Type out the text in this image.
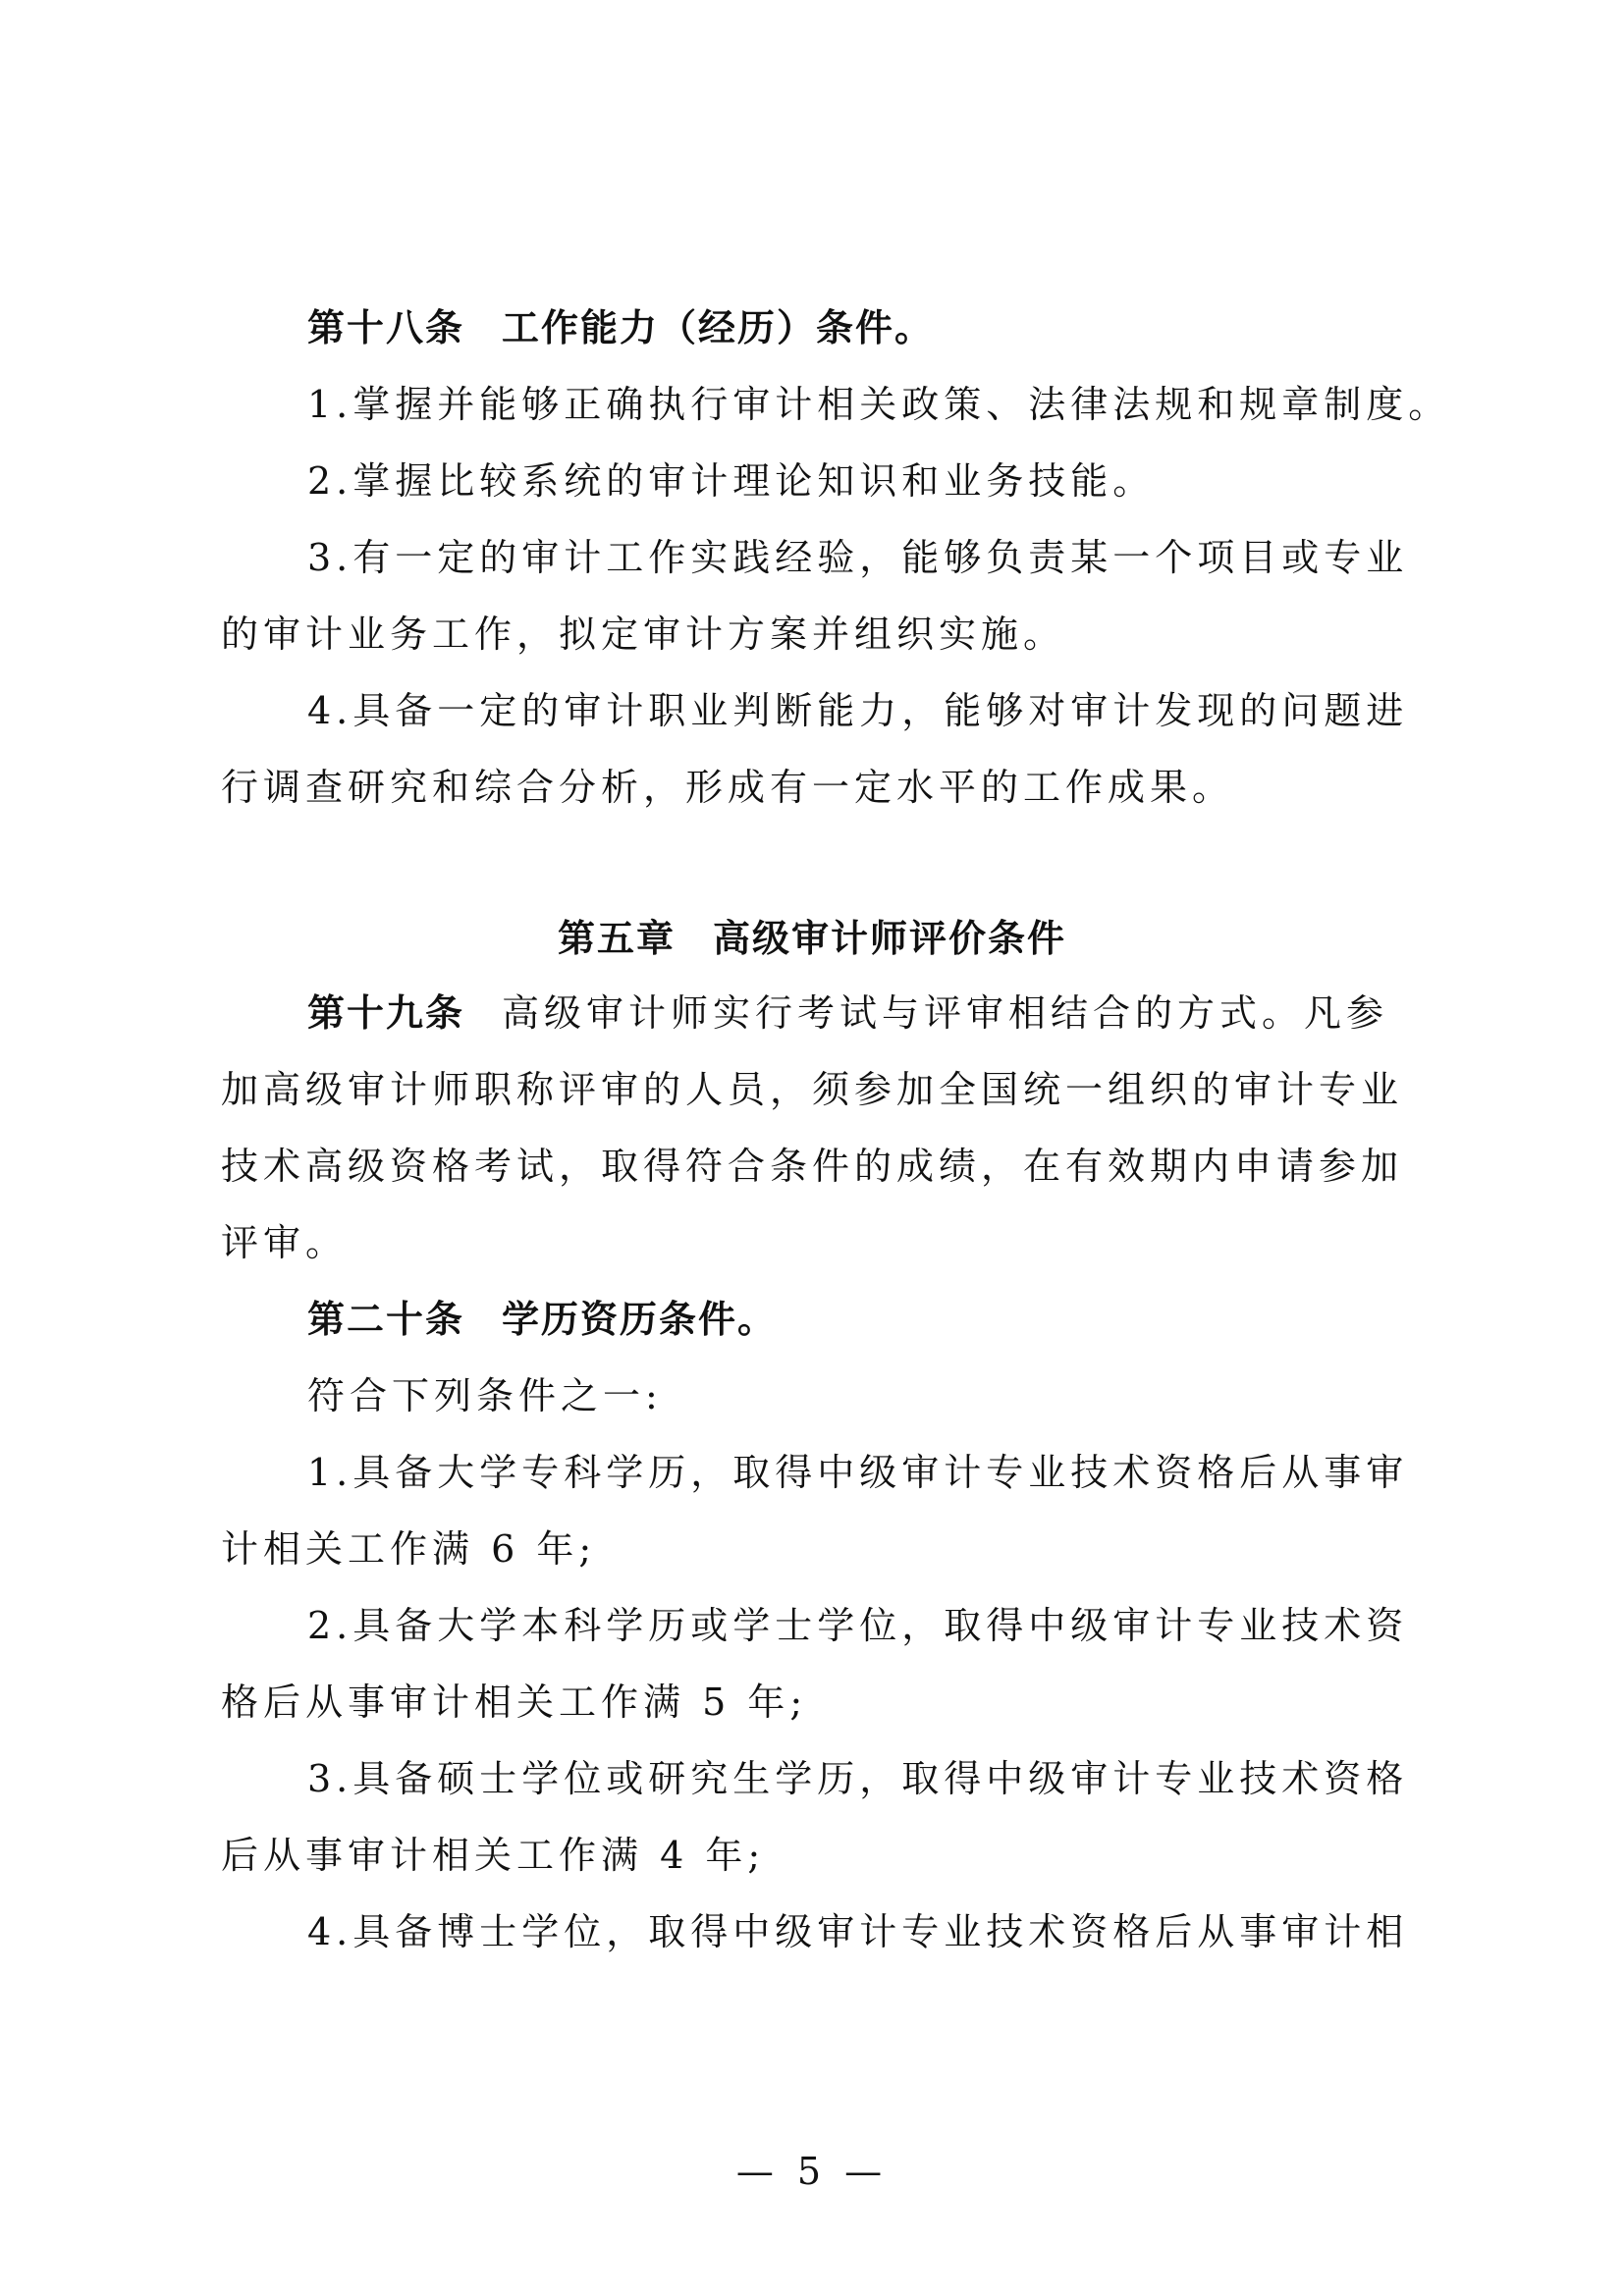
第十八条 工作能力（经历）条件。
1.掌握并能够正确执行审计相关政策、法律法规和规章制度。
2.掌握比较系统的审计理论知识和业务技能。
3.有一定的审计工作实践经验，能够负责某一个项目或专业
的审计业务工作，拟定审计方案并组织实施。
4.具备一定的审计职业判断能力，能够对审计发现的问题进
行调查研究和综合分析，形成有一定水平的工作成果。
第五章 高级审计师评价条件
第十九条 高级审计师实行考试与评审相结合的方式。凡参
加高级审计师职称评审的人员，须参加全国统一组织的审计专业
技术高级资格考试，取得符合条件的成绩，在有效期内申请参加
评审。
第二十条 学历资历条件。
符合下列条件之一:
1.具备大学专科学历，取得中级审计专业技术资格后从事审
计相关工作满 6 年;
2.具备大学本科学历或学士学位，取得中级审计专业技术资
格后从事审计相关工作满 5 年;
3.具备硕士学位或研究生学历，取得中级审计专业技术资格
后从事审计相关工作满 4 年;
4.具备博士学位，取得中级审计专业技术资格后从事审计相
— 5 —
